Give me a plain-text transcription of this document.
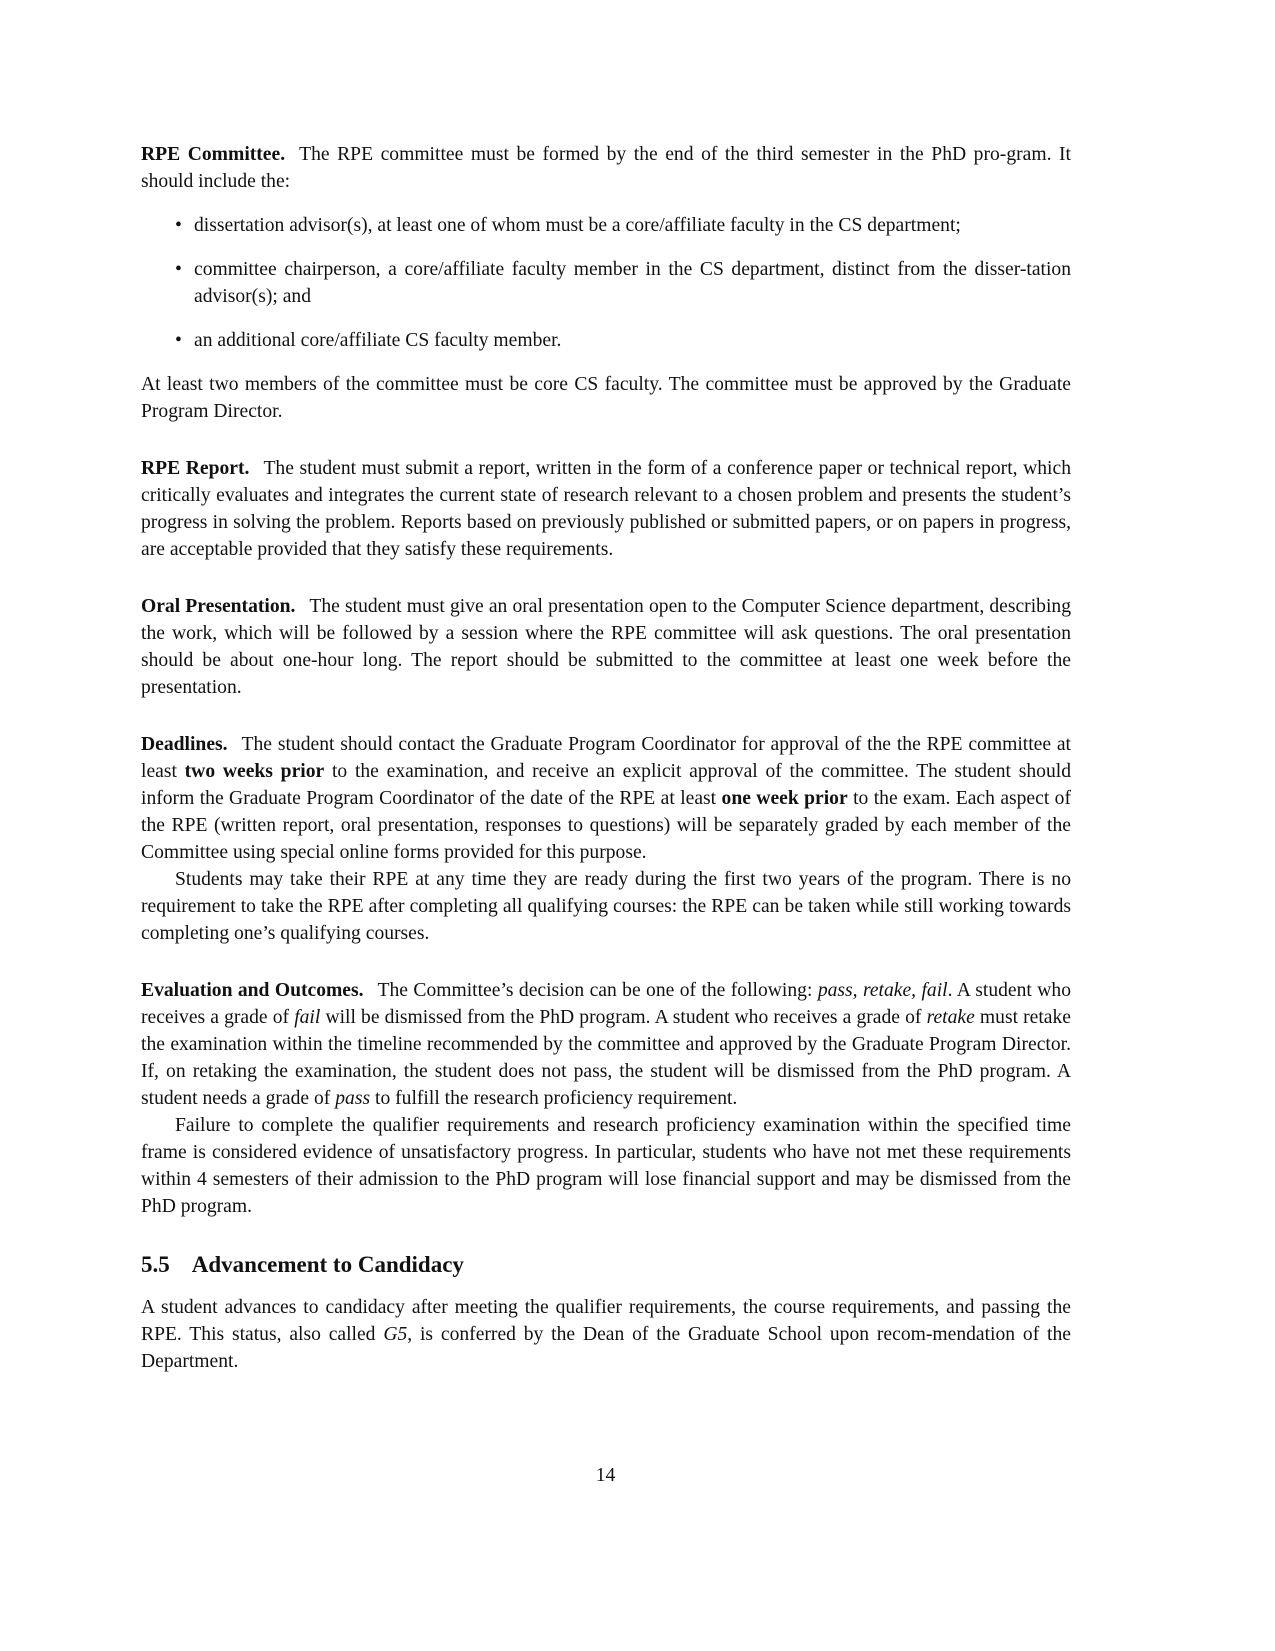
RPE Committee. The RPE committee must be formed by the end of the third semester in the PhD pro-gram. It should include the:

• dissertation advisor(s), at least one of whom must be a core/affiliate faculty in the CS department;
• committee chairperson, a core/affiliate faculty member in the CS department, distinct from the disser-tation advisor(s); and
• an additional core/affiliate CS faculty member.

At least two members of the committee must be core CS faculty. The committee must be approved by the Graduate Program Director.

RPE Report. The student must submit a report, written in the form of a conference paper or technical report, which critically evaluates and integrates the current state of research relevant to a chosen problem and presents the student’s progress in solving the problem. Reports based on previously published or submitted papers, or on papers in progress, are acceptable provided that they satisfy these requirements.

Oral Presentation. The student must give an oral presentation open to the Computer Science department, describing the work, which will be followed by a session where the RPE committee will ask questions. The oral presentation should be about one-hour long. The report should be submitted to the committee at least one week before the presentation.

Deadlines. The student should contact the Graduate Program Coordinator for approval of the the RPE committee at least two weeks prior to the examination, and receive an explicit approval of the committee. The student should inform the Graduate Program Coordinator of the date of the RPE at least one week prior to the exam. Each aspect of the RPE (written report, oral presentation, responses to questions) will be separately graded by each member of the Committee using special online forms provided for this purpose.

Students may take their RPE at any time they are ready during the first two years of the program. There is no requirement to take the RPE after completing all qualifying courses: the RPE can be taken while still working towards completing one’s qualifying courses.

Evaluation and Outcomes. The Committee’s decision can be one of the following: pass, retake, fail. A student who receives a grade of fail will be dismissed from the PhD program. A student who receives a grade of retake must retake the examination within the timeline recommended by the committee and approved by the Graduate Program Director. If, on retaking the examination, the student does not pass, the student will be dismissed from the PhD program. A student needs a grade of pass to fulfill the research proficiency requirement.

Failure to complete the qualifier requirements and research proficiency examination within the specified time frame is considered evidence of unsatisfactory progress. In particular, students who have not met these requirements within 4 semesters of their admission to the PhD program will lose financial support and may be dismissed from the PhD program.

5.5 Advancement to Candidacy

A student advances to candidacy after meeting the qualifier requirements, the course requirements, and passing the RPE. This status, also called G5, is conferred by the Dean of the Graduate School upon recom-mendation of the Department.

14
